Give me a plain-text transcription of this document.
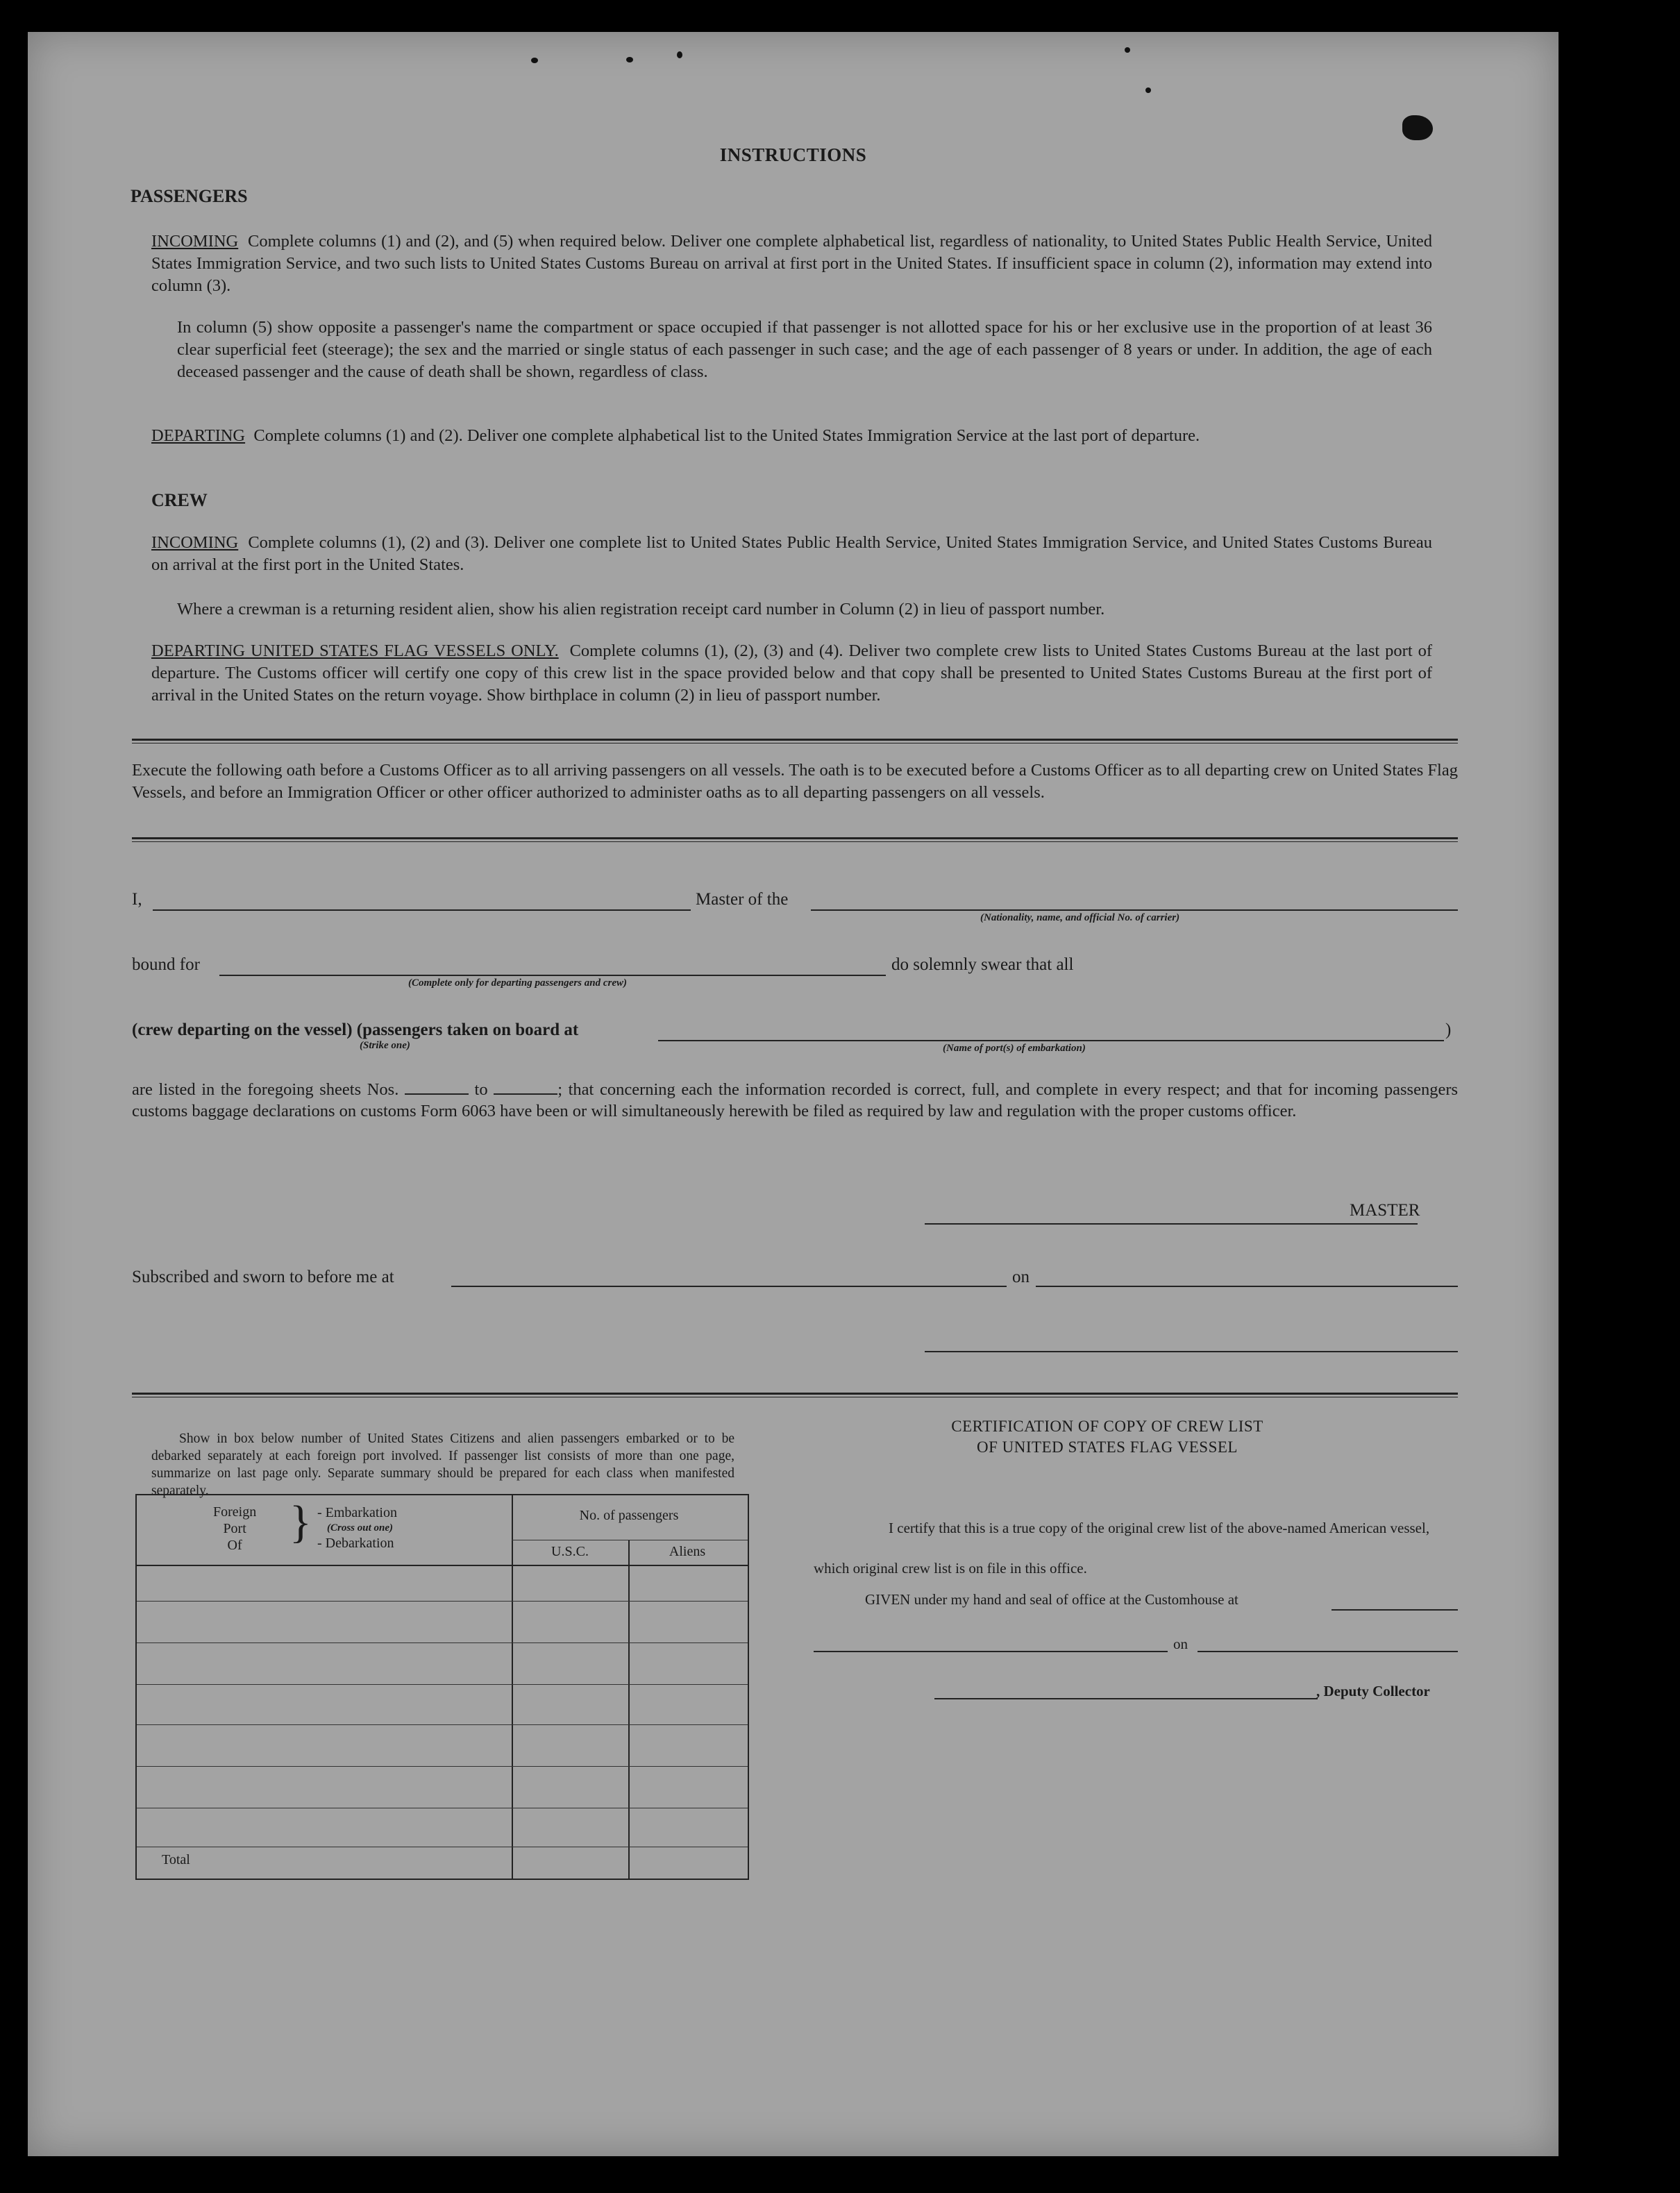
INSTRUCTIONS
PASSENGERS
INCOMING Complete columns (1) and (2), and (5) when required below. Deliver one complete alphabetical list, regardless of nationality, to United States Public Health Service, United States Immigration Service, and two such lists to United States Customs Bureau on arrival at first port in the United States. If insufficient space in column (2), information may extend into column (3).
In column (5) show opposite a passenger's name the compartment or space occupied if that passenger is not allotted space for his or her exclusive use in the proportion of at least 36 clear superficial feet (steerage); the sex and the married or single status of each passenger in such case; and the age of each passenger of 8 years or under. In addition, the age of each deceased passenger and the cause of death shall be shown, regardless of class.
DEPARTING Complete columns (1) and (2). Deliver one complete alphabetical list to the United States Immigration Service at the last port of departure.
CREW
INCOMING Complete columns (1), (2) and (3). Deliver one complete list to United States Public Health Service, United States Immigration Service, and United States Customs Bureau on arrival at the first port in the United States.
Where a crewman is a returning resident alien, show his alien registration receipt card number in Column (2) in lieu of passport number.
DEPARTING UNITED STATES FLAG VESSELS ONLY. Complete columns (1), (2), (3) and (4). Deliver two complete crew lists to United States Customs Bureau at the last port of departure. The Customs officer will certify one copy of this crew list in the space provided below and that copy shall be presented to United States Customs Bureau at the first port of arrival in the United States on the return voyage. Show birthplace in column (2) in lieu of passport number.
Execute the following oath before a Customs Officer as to all arriving passengers on all vessels. The oath is to be executed before a Customs Officer as to all departing crew on United States Flag Vessels, and before an Immigration Officer or other officer authorized to administer oaths as to all departing passengers on all vessels.
I,	Master of the
(Nationality, name, and official No. of carrier)
bound for
(Complete only for departing passengers and crew)
do solemnly swear that all
(crew departing on the vessel) (passengers taken on board at
(Strike one)
)
(Name of port(s) of embarkation)
are listed in the foregoing sheets Nos.	to	; that concerning each the information recorded is correct, full, and complete in every respect; and that for incoming passengers customs baggage declarations on customs Form 6063 have been or will simultaneously herewith be filed as required by law and regulation with the proper customs officer.
MASTER
Subscribed and sworn to before me at	on
Show in box below number of United States Citizens and alien passengers embarked or to be debarked separately at each foreign port involved. If passenger list consists of more than one page, summarize on last page only. Separate summary should be prepared for each class when manifested separately.
Foreign
Port
Of	} - Embarkation
(Cross out one)
- Debarkation
No. of passengers
U.S.C.	Aliens
Total
CERTIFICATION OF COPY OF CREW LIST
OF UNITED STATES FLAG VESSEL
I certify that this is a true copy of the original crew list of the above-named American vessel, which original crew list is on file in this office.
GIVEN under my hand and seal of office at the Customhouse at
on
, Deputy Collector
